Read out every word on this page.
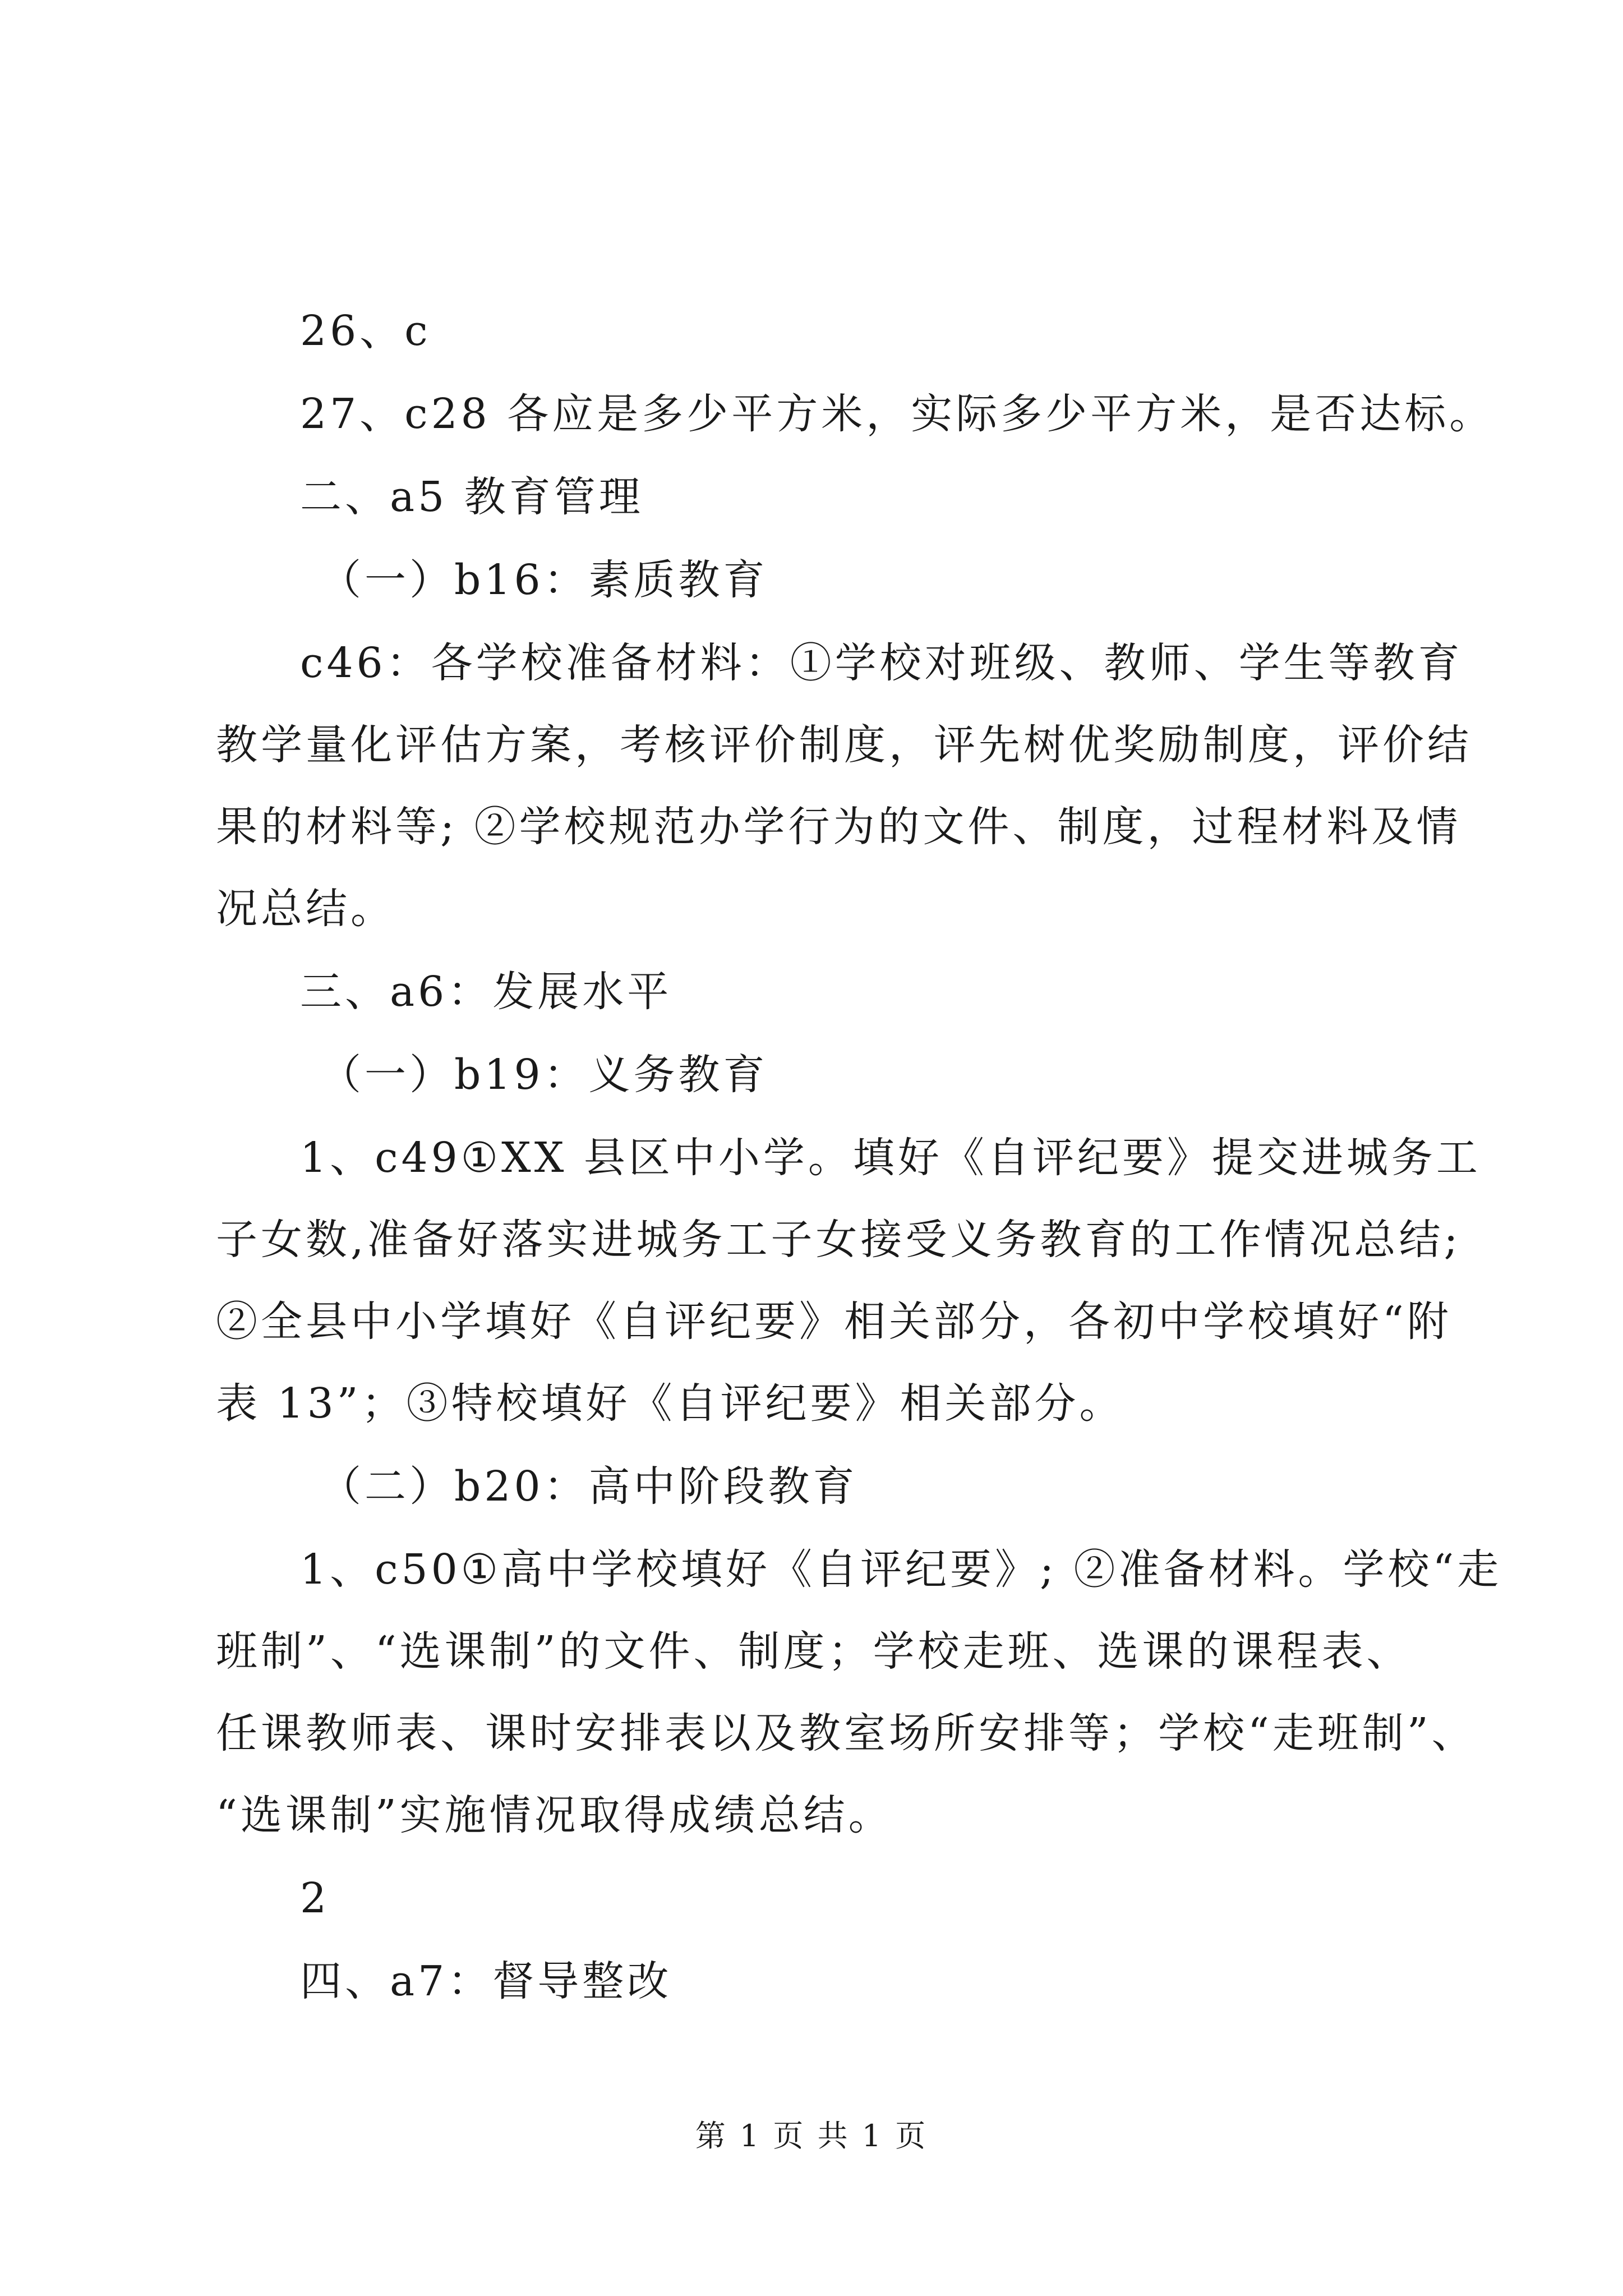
26、c
27、c28 各应是多少平方米，实际多少平方米，是否达标。
二、a5 教育管理
（一）b16：素质教育
c46：各学校准备材料：①学校对班级、教师、学生等教育
教学量化评估方案，考核评价制度，评先树优奖励制度，评价结
果的材料等; ②学校规范办学行为的文件、制度，过程材料及情
况总结。
三、a6：发展水平
（一）b19：义务教育
1、c49①XX 县区中小学。填好《自评纪要》提交进城务工
子女数,准备好落实进城务工子女接受义务教育的工作情况总结;
②全县中小学填好《自评纪要》相关部分，各初中学校填好“附
表 13”；③特校填好《自评纪要》相关部分。
（二）b20：高中阶段教育
1、c50①高中学校填好《自评纪要》; ②准备材料。学校“走
班制”、“选课制”的文件、制度；学校走班、选课的课程表、
任课教师表、课时安排表以及教室场所安排等；学校“走班制”、
“选课制”实施情况取得成绩总结。
2
四、a7：督导整改
第 1 页 共 1 页
